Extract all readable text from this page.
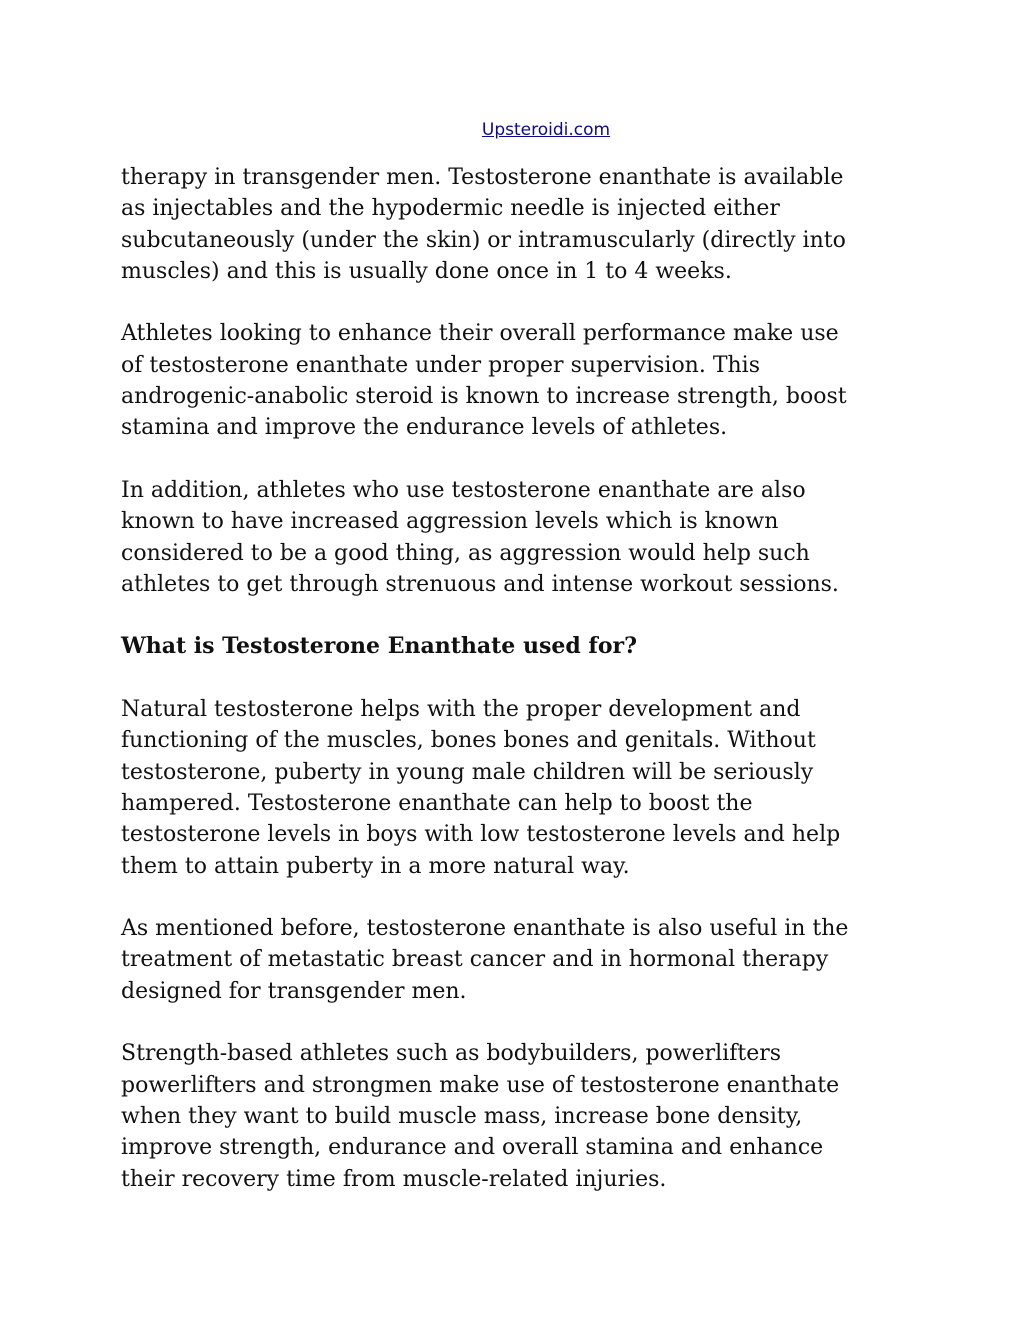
Upsteroidi.com

therapy in transgender men. Testosterone enanthate is available
as injectables and the hypodermic needle is injected either
subcutaneously (under the skin) or intramuscularly (directly into
muscles) and this is usually done once in 1 to 4 weeks.

Athletes looking to enhance their overall performance make use
of testosterone enanthate under proper supervision. This
androgenic-anabolic steroid is known to increase strength, boost
stamina and improve the endurance levels of athletes.

In addition, athletes who use testosterone enanthate are also
known to have increased aggression levels which is known
considered to be a good thing, as aggression would help such
athletes to get through strenuous and intense workout sessions.

What is Testosterone Enanthate used for?

Natural testosterone helps with the proper development and
functioning of the muscles, bones bones and genitals. Without
testosterone, puberty in young male children will be seriously
hampered. Testosterone enanthate can help to boost the
testosterone levels in boys with low testosterone levels and help
them to attain puberty in a more natural way.

As mentioned before, testosterone enanthate is also useful in the
treatment of metastatic breast cancer and in hormonal therapy
designed for transgender men.

Strength-based athletes such as bodybuilders, powerlifters
powerlifters and strongmen make use of testosterone enanthate
when they want to build muscle mass, increase bone density,
improve strength, endurance and overall stamina and enhance
their recovery time from muscle-related injuries.
